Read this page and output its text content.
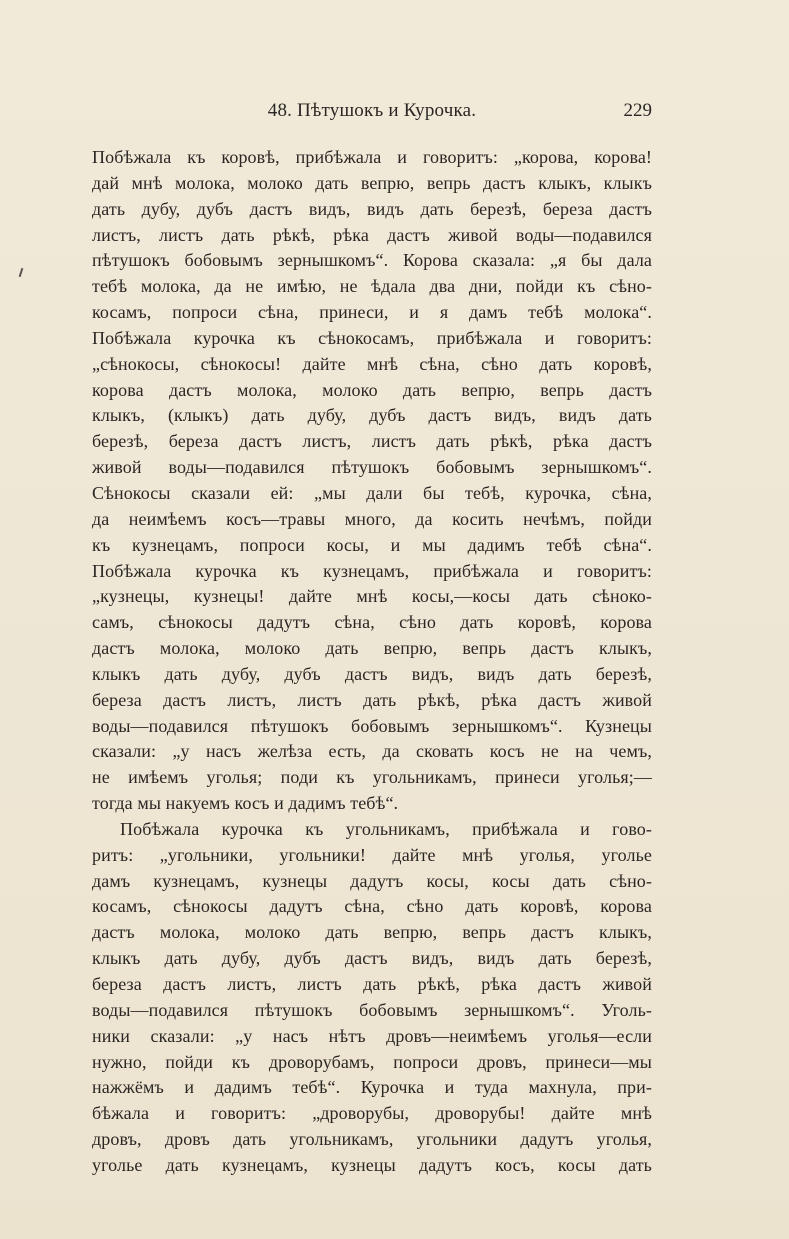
48. Пѣтушокъ и Курочка.	229
Побѣжала къ коровѣ, прибѣжала и говоритъ: „корова, корова!
дай мнѣ молока, молоко дать вепрю, вепрь дастъ клыкъ, клыкъ
дать дубу, дубъ дастъ видъ, видъ дать березѣ, береза дастъ
листъ, листъ дать рѣкѣ, рѣка дастъ живой воды—подавился
пѣтушокъ бобовымъ зернышкомъ“. Корова сказала: „я бы дала
тебѣ молока, да не имѣю, не ѣдала два дни, пойди къ сѣно-
косамъ, попроси сѣна, принеси, и я дамъ тебѣ молока“.
Побѣжала курочка къ сѣнокосамъ, прибѣжала и говоритъ:
„сѣнокосы, сѣнокосы! дайте мнѣ сѣна, сѣно дать коровѣ,
корова дастъ молока, молоко дать вепрю, вепрь дастъ
клыкъ, (клыкъ) дать дубу, дубъ дастъ видъ, видъ дать
березѣ, береза дастъ листъ, листъ дать рѣкѣ, рѣка дастъ
живой воды—подавился пѣтушокъ бобовымъ зернышкомъ“.
Сѣнокосы сказали ей: „мы дали бы тебѣ, курочка, сѣна,
да неимѣемъ косъ—травы много, да косить нечѣмъ, пойди
къ кузнецамъ, попроси косы, и мы дадимъ тебѣ сѣна“.
Побѣжала курочка къ кузнецамъ, прибѣжала и говоритъ:
„кузнецы, кузнецы! дайте мнѣ косы,—косы дать сѣноко-
самъ, сѣнокосы дадутъ сѣна, сѣно дать коровѣ, корова
дастъ молока, молоко дать вепрю, вепрь дастъ клыкъ,
клыкъ дать дубу, дубъ дастъ видъ, видъ дать березѣ,
береза дастъ листъ, листъ дать рѣкѣ, рѣка дастъ живой
воды—подавился пѣтушокъ бобовымъ зернышкомъ“. Кузнецы
сказали: „у насъ желѣза есть, да сковать косъ не на чемъ,
не имѣемъ уголья; поди къ угольникамъ, принеси уголья;—
тогда мы накуемъ косъ и дадимъ тебѣ“.
Побѣжала курочка къ угольникамъ, прибѣжала и гово-
ритъ: „угольники, угольники! дайте мнѣ уголья, уголье
дамъ кузнецамъ, кузнецы дадутъ косы, косы дать сѣно-
косамъ, сѣнокосы дадутъ сѣна, сѣно дать коровѣ, корова
дастъ молока, молоко дать вепрю, вепрь дастъ клыкъ,
клыкъ дать дубу, дубъ дастъ видъ, видъ дать березѣ,
береза дастъ листъ, листъ дать рѣкѣ, рѣка дастъ живой
воды—подавился пѣтушокъ бобовымъ зернышкомъ“. Уголь-
ники сказали: „у насъ нѣтъ дровъ—неимѣемъ уголья—если
нужно, пойди къ дроворубамъ, попроси дровъ, принеси—мы
нажжёмъ и дадимъ тебѣ“. Курочка и туда махнула, при-
бѣжала и говоритъ: „дроворубы, дроворубы! дайте мнѣ
дровъ, дровъ дать угольникамъ, угольники дадутъ уголья,
уголье дать кузнецамъ, кузнецы дадутъ косъ, косы дать
